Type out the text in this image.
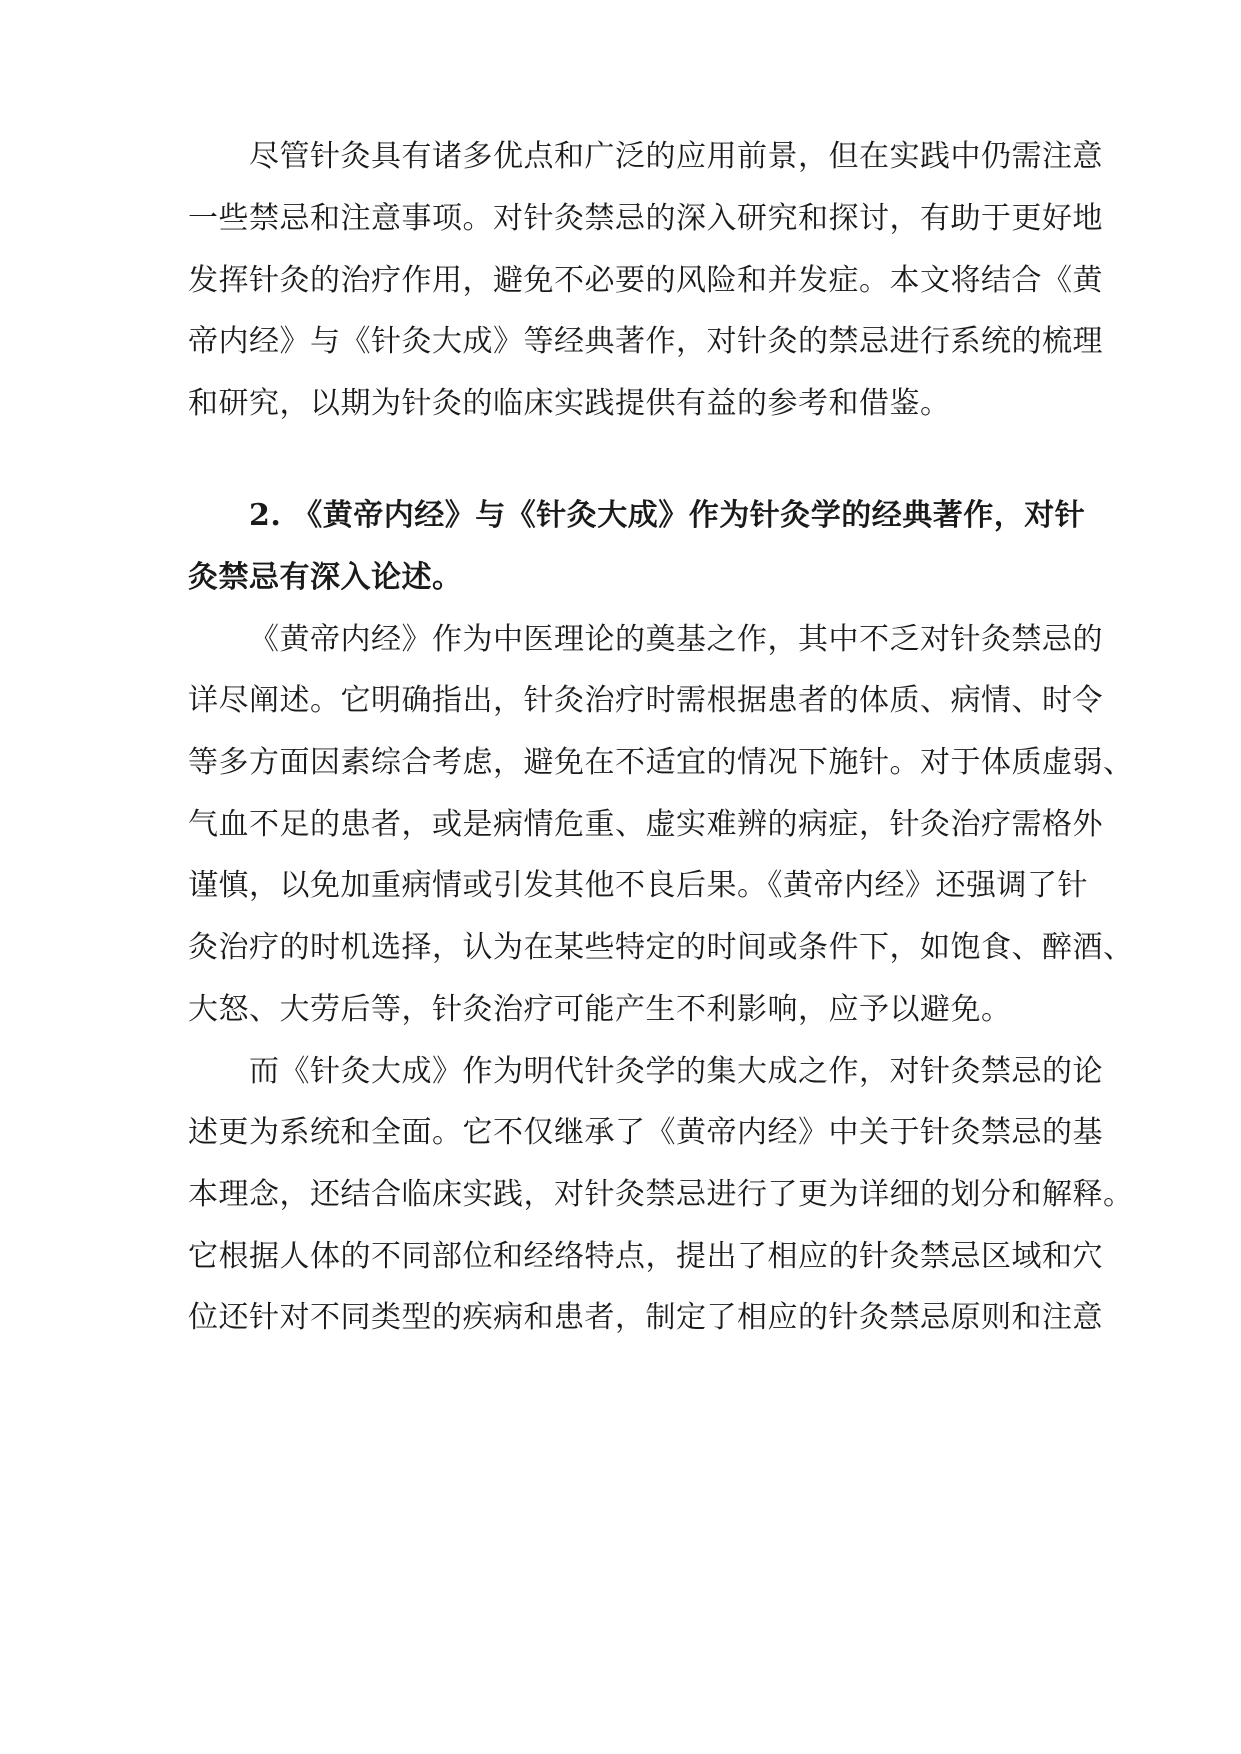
尽管针灸具有诸多优点和广泛的应用前景，但在实践中仍需注意
一些禁忌和注意事项。对针灸禁忌的深入研究和探讨，有助于更好地
发挥针灸的治疗作用，避免不必要的风险和并发症。本文将结合《黄
帝内经》与《针灸大成》等经典著作，对针灸的禁忌进行系统的梳理
和研究，以期为针灸的临床实践提供有益的参考和借鉴。
2. 《黄帝内经》与《针灸大成》作为针灸学的经典著作，对针
灸禁忌有深入论述。
《黄帝内经》作为中医理论的奠基之作，其中不乏对针灸禁忌的
详尽阐述。它明确指出，针灸治疗时需根据患者的体质、病情、时令
等多方面因素综合考虑，避免在不适宜的情况下施针。对于体质虚弱、
气血不足的患者，或是病情危重、虚实难辨的病症，针灸治疗需格外
谨慎，以免加重病情或引发其他不良后果。《黄帝内经》还强调了针
灸治疗的时机选择，认为在某些特定的时间或条件下，如饱食、醉酒、
大怒、大劳后等，针灸治疗可能产生不利影响，应予以避免。
而《针灸大成》作为明代针灸学的集大成之作，对针灸禁忌的论
述更为系统和全面。它不仅继承了《黄帝内经》中关于针灸禁忌的基
本理念，还结合临床实践，对针灸禁忌进行了更为详细的划分和解释。
它根据人体的不同部位和经络特点，提出了相应的针灸禁忌区域和穴
位还针对不同类型的疾病和患者，制定了相应的针灸禁忌原则和注意
